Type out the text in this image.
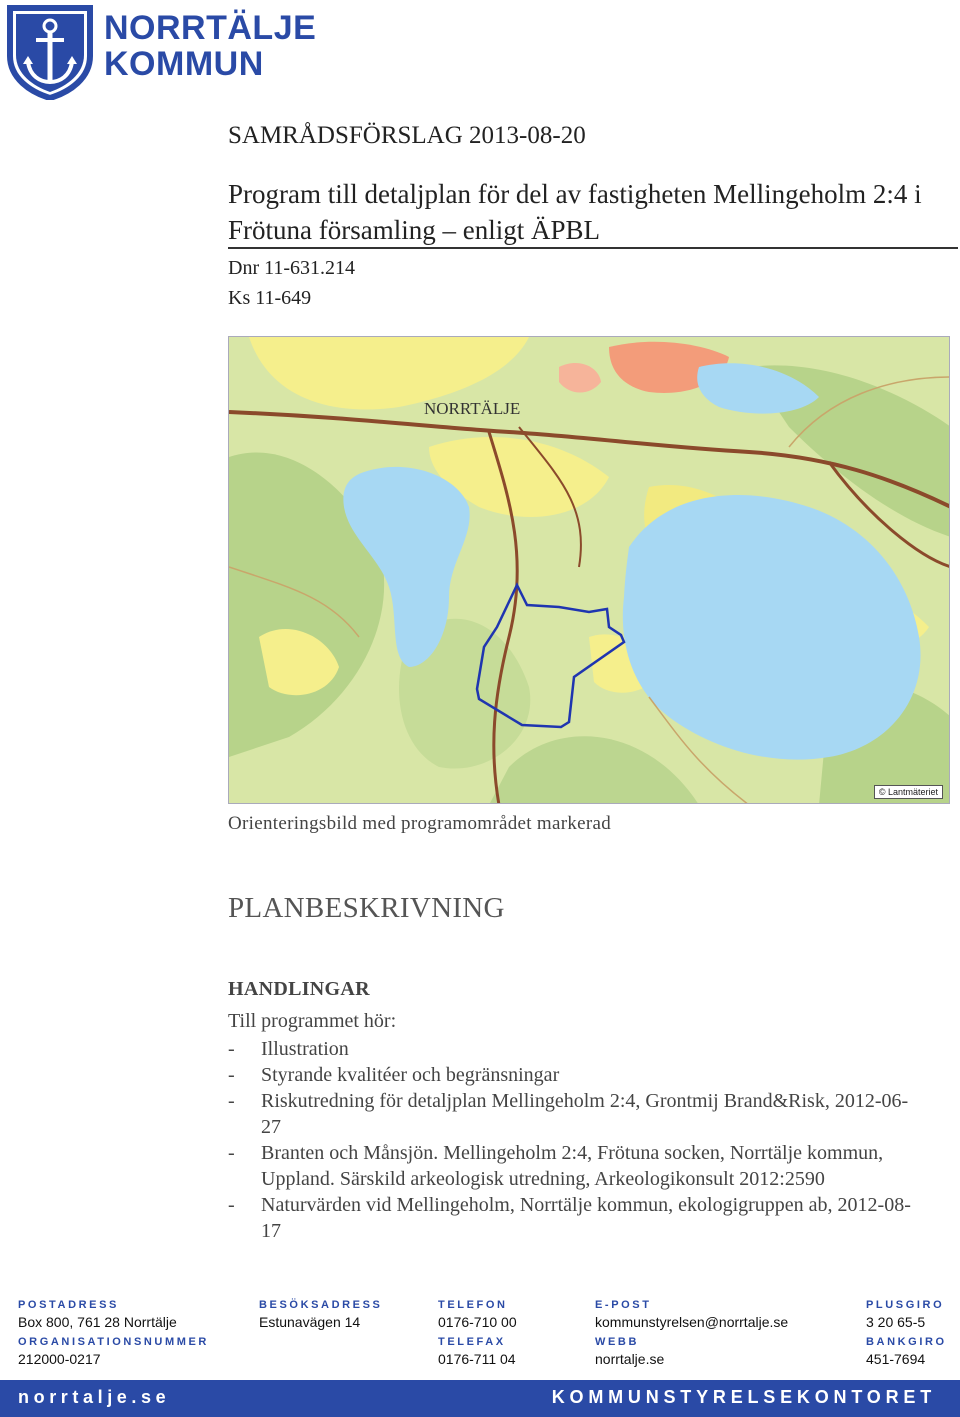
NORRTÄLJE
KOMMUN
SAMRÅDSFÖRSLAG 2013-08-20
Program till detaljplan för del av fastigheten Mellingeholm 2:4 i Frötuna församling – enligt ÄPBL
Dnr 11-631.214
Ks 11-649
NORRTÄLJE
© Lantmäteriet
Orienteringsbild med programområdet markerad
PLANBESKRIVNING
HANDLINGAR
Till programmet hör:
- Illustration
- Styrande kvalitéer och begränsningar
- Riskutredning för detaljplan Mellingeholm 2:4, Grontmij Brand&Risk, 2012-06-27
- Branten och Månsjön. Mellingeholm 2:4, Frötuna socken, Norrtälje kommun, Uppland. Särskild arkeologisk utredning, Arkeologikonsult 2012:2590
- Naturvärden vid Mellingeholm, Norrtälje kommun, ekologigruppen ab, 2012-08-17
POSTADRESS
Box 800, 761 28 Norrtälje
BESÖKSADRESS
Estunavägen 14
TELEFON
0176-710 00
E-POST
kommunstyrelsen@norrtalje.se
PLUSGIRO
3 20 65-5
ORGANISATIONSNUMMER
212000-0217
TELEFAX
0176-711 04
WEBB
norrtalje.se
BANKGIRO
451-7694
norrtalje.se	KOMMUNSTYRELSEKONTORET
